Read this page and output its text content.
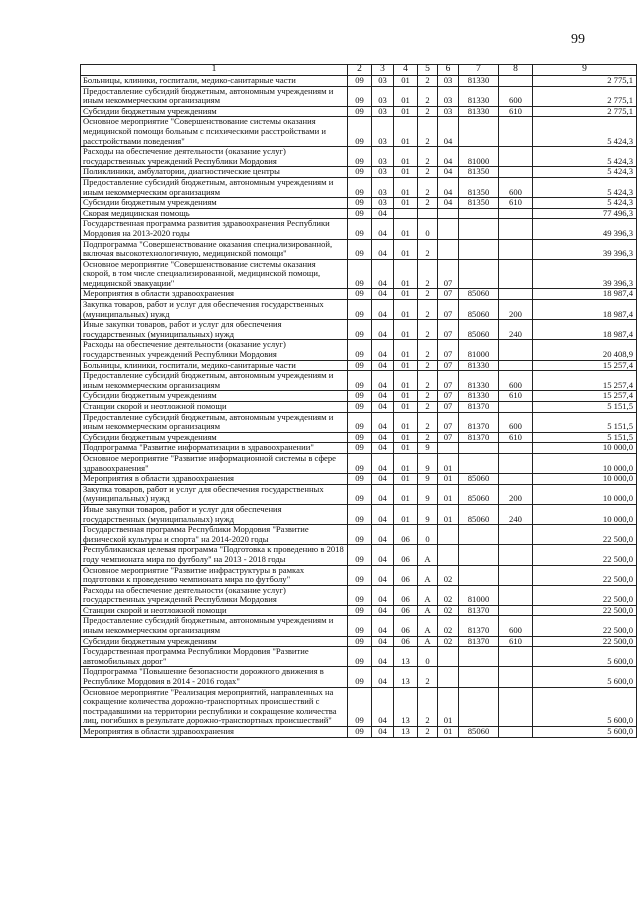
99
1	2	3	4	5	6	7	8	9
Больницы, клиники, госпитали, медико-санитарные части	09	03	01	2	03	81330		2 775,1
Предоставление субсидий бюджетным, автономным учреждениям и иным некоммерческим организациям	09	03	01	2	03	81330	600	2 775,1
Субсидии бюджетным учреждениям	09	03	01	2	03	81330	610	2 775,1
Основное мероприятие "Совершенствование системы оказания медицинской помощи больным с психическими расстройствами и расстройствами поведения"	09	03	01	2	04			5 424,3
Расходы на обеспечение деятельности (оказание услуг) государственных учреждений Республики Мордовия	09	03	01	2	04	81000		5 424,3
Поликлиники, амбулатории, диагностические центры	09	03	01	2	04	81350		5 424,3
Предоставление субсидий бюджетным, автономным учреждениям и иным некоммерческим организациям	09	03	01	2	04	81350	600	5 424,3
Субсидии бюджетным учреждениям	09	03	01	2	04	81350	610	5 424,3
Скорая медицинская помощь	09	04						77 496,3
Государственная программа развития здравоохранения Республики Мордовия на 2013-2020 годы	09	04	01	0				49 396,3
Подпрограмма "Совершенствование оказания специализированной, включая высокотехнологичную, медицинской помощи"	09	04	01	2				39 396,3
Основное мероприятие "Совершенствование системы оказания скорой, в том числе специализированной, медицинской помощи, медицинской эвакуации"	09	04	01	2	07			39 396,3
Мероприятия в области здравоохранения	09	04	01	2	07	85060		18 987,4
Закупка товаров, работ и услуг для обеспечения государственных (муниципальных) нужд	09	04	01	2	07	85060	200	18 987,4
Иные закупки товаров, работ и услуг для обеспечения государственных (муниципальных) нужд	09	04	01	2	07	85060	240	18 987,4
Расходы на обеспечение деятельности (оказание услуг) государственных учреждений Республики Мордовия	09	04	01	2	07	81000		20 408,9
Больницы, клиники, госпитали, медико-санитарные части	09	04	01	2	07	81330		15 257,4
Предоставление субсидий бюджетным, автономным учреждениям и иным некоммерческим организациям	09	04	01	2	07	81330	600	15 257,4
Субсидии бюджетным учреждениям	09	04	01	2	07	81330	610	15 257,4
Станции скорой и неотложной помощи	09	04	01	2	07	81370		5 151,5
Предоставление субсидий бюджетным, автономным учреждениям и иным некоммерческим организациям	09	04	01	2	07	81370	600	5 151,5
Субсидии бюджетным учреждениям	09	04	01	2	07	81370	610	5 151,5
Подпрограмма "Развитие информатизации в здравоохранении"	09	04	01	9				10 000,0
Основное мероприятие "Развитие информационной системы в сфере здравоохранения"	09	04	01	9	01			10 000,0
Мероприятия в области здравоохранения	09	04	01	9	01	85060		10 000,0
Закупка товаров, работ и услуг для обеспечения государственных (муниципальных) нужд	09	04	01	9	01	85060	200	10 000,0
Иные закупки товаров, работ и услуг для обеспечения государственных (муниципальных) нужд	09	04	01	9	01	85060	240	10 000,0
Государственная программа Республики Мордовия "Развитие физической культуры и спорта" на 2014-2020 годы	09	04	06	0				22 500,0
Республиканская целевая программа "Подготовка к проведению в 2018 году чемпионата мира по футболу" на 2013 - 2018 годы	09	04	06	А				22 500,0
Основное мероприятие "Развитие инфраструктуры в рамках подготовки к проведению чемпионата мира по футболу"	09	04	06	А	02			22 500,0
Расходы на обеспечение деятельности (оказание услуг) государственных учреждений Республики Мордовия	09	04	06	А	02	81000		22 500,0
Станции скорой и неотложной помощи	09	04	06	А	02	81370		22 500,0
Предоставление субсидий бюджетным, автономным учреждениям и иным некоммерческим организациям	09	04	06	А	02	81370	600	22 500,0
Субсидии бюджетным учреждениям	09	04	06	А	02	81370	610	22 500,0
Государственная программа Республики Мордовия "Развитие автомобильных дорог"	09	04	13	0				5 600,0
Подпрограмма "Повышение безопасности дорожного движения в Республике Мордовия в 2014 - 2016 годах"	09	04	13	2				5 600,0
Основное мероприятие "Реализация мероприятий, направленных на сокращение количества дорожно-транспортных происшествий с пострадавшими на территории республики и сокращение количества лиц, погибших в результате дорожно-транспортных происшествий"	09	04	13	2	01			5 600,0
Мероприятия в области здравоохранения	09	04	13	2	01	85060		5 600,0
